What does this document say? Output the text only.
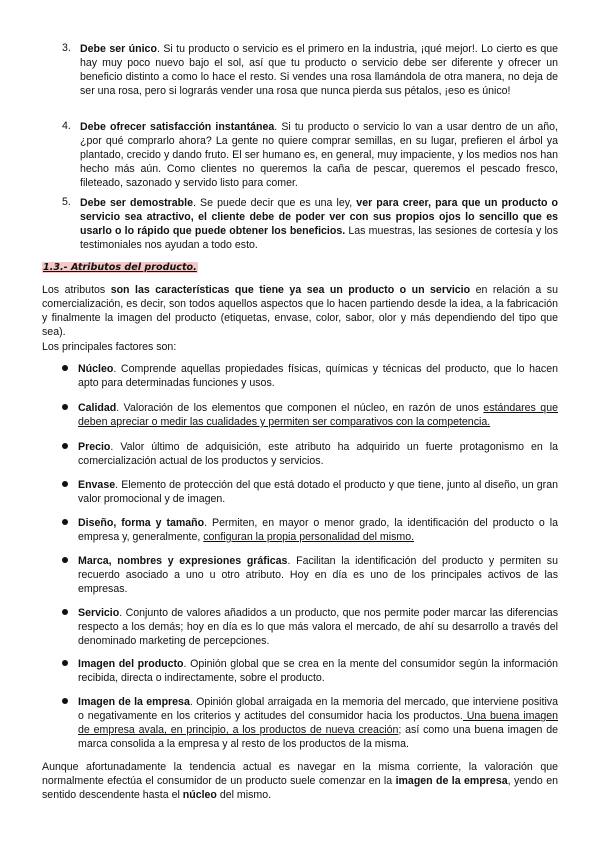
3. Debe ser único. Si tu producto o servicio es el primero en la industria, ¡qué mejor!. Lo cierto es que hay muy poco nuevo bajo el sol, así que tu producto o servicio debe ser diferente y ofrecer un beneficio distinto a como lo hace el resto. Si vendes una rosa llamándola de otra manera, no deja de ser una rosa, pero si lograrás vender una rosa que nunca pierda sus pétalos, ¡eso es único!

4. Debe ofrecer satisfacción instantánea. Si tu producto o servicio lo van a usar dentro de un año, ¿por qué comprarlo ahora? La gente no quiere comprar semillas, en su lugar, prefieren el árbol ya plantado, crecido y dando fruto. El ser humano es, en general, muy impaciente, y los medios nos han hecho más aún. Como clientes no queremos la caña de pescar, queremos el pescado fresco, fileteado, sazonado y servido listo para comer.

5. Debe ser demostrable. Se puede decir que es una ley, ver para creer, para que un producto o servicio sea atractivo, el cliente debe de poder ver con sus propios ojos lo sencillo que es usarlo o lo rápido que puede obtener los beneficios. Las muestras, las sesiones de cortesía y los testimoniales nos ayudan a todo esto.

1.3.- Atributos del producto.

Los atributos son las características que tiene ya sea un producto o un servicio en relación a su comercialización, es decir, son todos aquellos aspectos que lo hacen partiendo desde la idea, a la fabricación y finalmente la imagen del producto (etiquetas, envase, color, sabor, olor y más dependiendo del tipo que sea).

Los principales factores son:

Núcleo. Comprende aquellas propiedades físicas, químicas y técnicas del producto, que lo hacen apto para determinadas funciones y usos.

Calidad. Valoración de los elementos que componen el núcleo, en razón de unos estándares que deben apreciar o medir las cualidades y permiten ser comparativos con la competencia.

Precio. Valor último de adquisición, este atributo ha adquirido un fuerte protagonismo en la comercialización actual de los productos y servicios.

Envase. Elemento de protección del que está dotado el producto y que tiene, junto al diseño, un gran valor promocional y de imagen.

Diseño, forma y tamaño. Permiten, en mayor o menor grado, la identificación del producto o la empresa y, generalmente, configuran la propia personalidad del mismo.

Marca, nombres y expresiones gráficas. Facilitan la identificación del producto y permiten su recuerdo asociado a uno u otro atributo. Hoy en día es uno de los principales activos de las empresas.

Servicio. Conjunto de valores añadidos a un producto, que nos permite poder marcar las diferencias respecto a los demás; hoy en día es lo que más valora el mercado, de ahí su desarrollo a través del denominado marketing de percepciones.

Imagen del producto. Opinión global que se crea en la mente del consumidor según la información recibida, directa o indirectamente, sobre el producto.

Imagen de la empresa. Opinión global arraigada en la memoria del mercado, que interviene positiva o negativamente en los criterios y actitudes del consumidor hacia los productos. Una buena imagen de empresa avala, en principio, a los productos de nueva creación; así como una buena imagen de marca consolida a la empresa y al resto de los productos de la misma.

Aunque afortunadamente la tendencia actual es navegar en la misma corriente, la valoración que normalmente efectúa el consumidor de un producto suele comenzar en la imagen de la empresa, yendo en sentido descendente hasta el núcleo del mismo.
